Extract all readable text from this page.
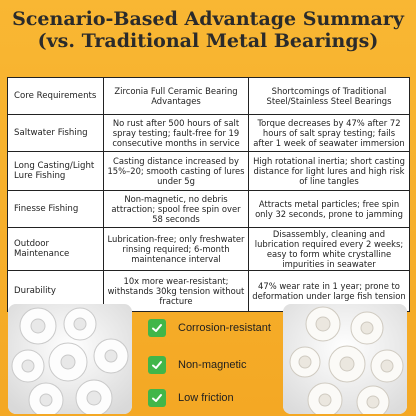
Scenario-Based Advantage Summary
(vs. Traditional Metal Bearings)
Core Requirements	Zirconia Full Ceramic Bearing Advantages	Shortcomings of Traditional Steel/Stainless Steel Bearings
Saltwater Fishing	No rust after 500 hours of salt spray testing; fault-free for 19 consecutive months in service	Torque decreases by 47% after 72 hours of salt spray testing; fails after 1 week of seawater immersion
Long Casting/Light Lure Fishing	Casting distance increased by 15%–20; smooth casting of lures under 5g	High rotational inertia; short casting distance for light lures and high risk of line tangles
Finesse Fishing	Non-magnetic, no debris attraction; spool free spin over 58 seconds	Attracts metal particles; free spin only 32 seconds, prone to jamming
Outdoor Maintenance	Lubrication-free; only freshwater rinsing required; 6-month maintenance interval	Disassembly, cleaning and lubrication required every 2 weeks; easy to form white crystalline impurities in seawater
Durability	10x more wear-resistant; withstands 30kg tension without fracture	47% wear rate in 1 year; prone to deformation under large fish tension
Corrosion-resistant
Non-magnetic
Low friction
